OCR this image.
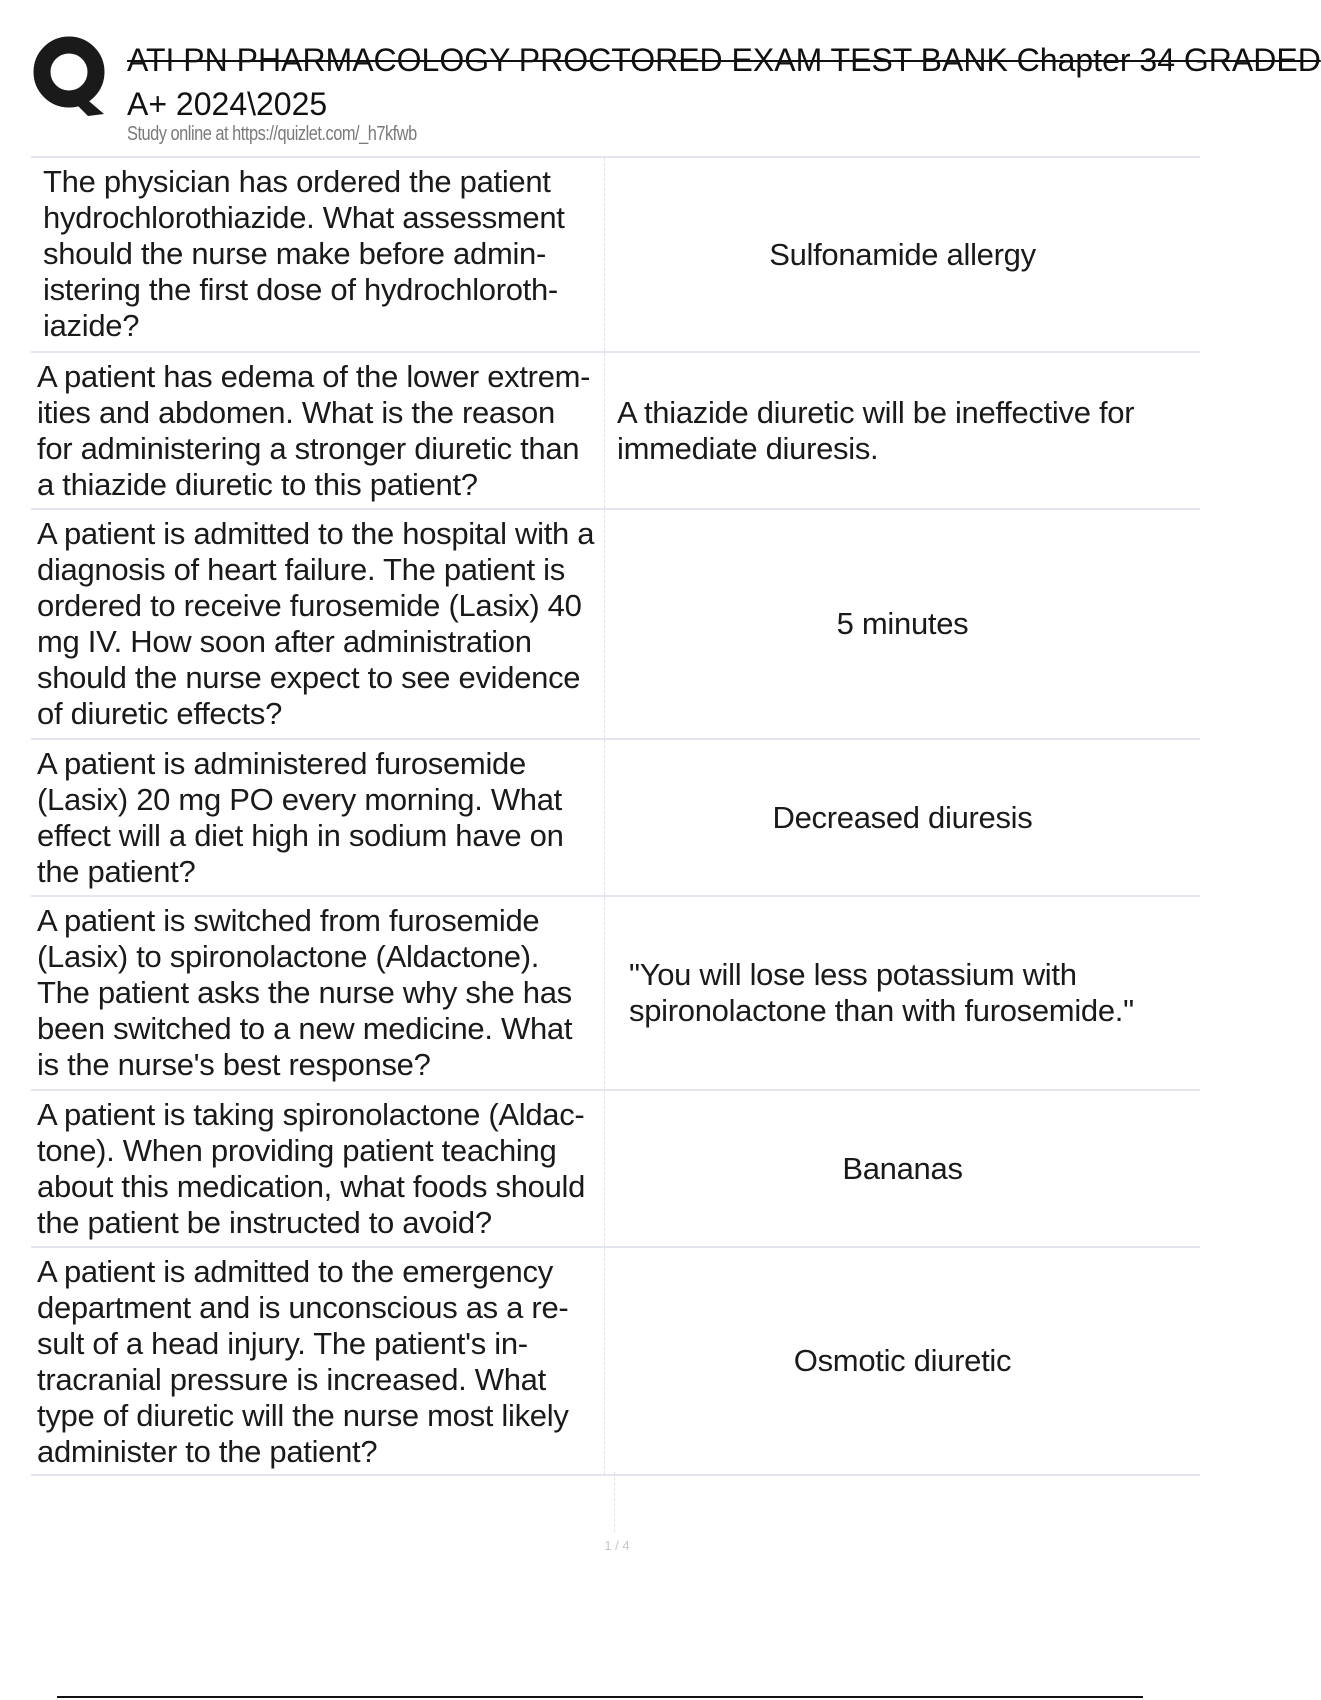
ATI PN PHARMACOLOGY PROCTORED EXAM TEST BANK Chapter 34 GRADED
A+ 2024\2025
Study online at https://quizlet.com/_h7kfwb
The physician has ordered the patient hydrochlorothiazide. What assessment should the nurse make before admin- istering the first dose of hydrochloroth- iazide?
Sulfonamide allergy
A patient has edema of the lower extrem- ities and abdomen. What is the reason for administering a stronger diuretic than a thiazide diuretic to this patient?
A thiazide diuretic will be ineffective for immediate diuresis.
A patient is admitted to the hospital with a diagnosis of heart failure. The patient is ordered to receive furosemide (Lasix) 40 mg IV. How soon after administration should the nurse expect to see evidence of diuretic effects?
5 minutes
A patient is administered furosemide (Lasix) 20 mg PO every morning. What effect will a diet high in sodium have on the patient?
Decreased diuresis
A patient is switched from furosemide (Lasix) to spironolactone (Aldactone). The patient asks the nurse why she has been switched to a new medicine. What is the nurse's best response?
"You will lose less potassium with spironolactone than with furosemide."
A patient is taking spironolactone (Aldac- tone). When providing patient teaching about this medication, what foods should the patient be instructed to avoid?
Bananas
A patient is admitted to the emergency department and is unconscious as a re- sult of a head injury. The patient's in- tracranial pressure is increased. What type of diuretic will the nurse most likely administer to the patient?
Osmotic diuretic
1 / 4
